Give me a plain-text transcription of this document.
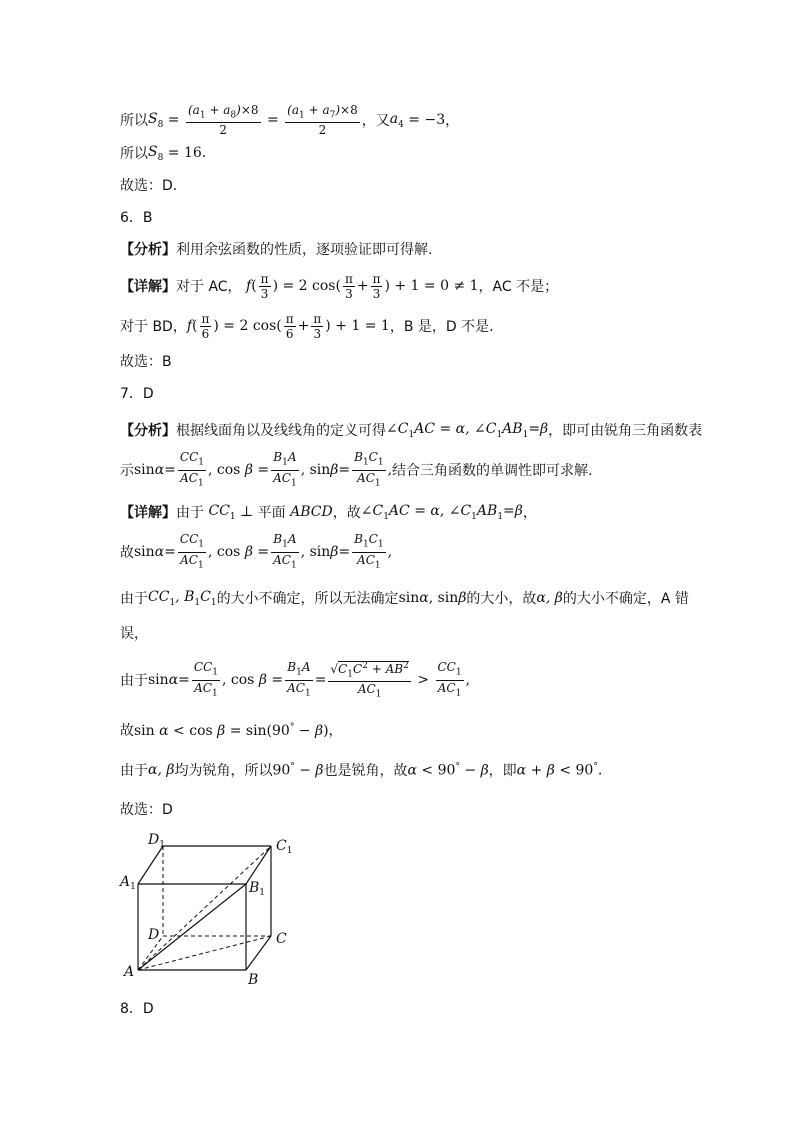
所以 $S_8 = \frac{(a_1 + a_8)\times 8}{2} = \frac{(a_1 + a_7)\times 8}{2}$ ，又 $a_4 = -3$ ，
所以 $S_8 = 16$.
故选：D.
6．B
【分析】 利用余弦函数的性质，逐项验证即可得解.
【详解】 对于 AC， f ( $\frac{\pi}{3}$ ) = 2 $\cos( \frac{\pi}{3} + \frac{\pi}{3}$ ) + 1 = 0 ≠ 1 ，AC 不是；
对于 BD， f ( $\frac{\pi}{6}$ ) = 2 $\cos( \frac{\pi}{6} + \frac{\pi}{3}$ ) + 1 = 1 ，B 是，D 不是.
故选：B
7．D
【分析】 根据线面角以及线线角的定义可得 $\angle C_1AC = \alpha$, $\angle C_1AB_1=\beta$ ，即可由锐角三角函数表
示 $\sin\alpha= \frac{CC_1}{AC_1}$ , $\cos \beta = \frac{B_1A}{AC_1}$ , $\sin\beta= \frac{B_1C_1}{AC_1}$ , 结合三角函数的单调性即可求解.
【详解】 由于 $CC_1$ ⊥ 平面 ABCD ，故 $\angle C_1AC = \alpha$, $\angle C_1AB_1=\beta$ ，
故 $\sin\alpha= \frac{CC_1}{AC_1}$ , $\cos \beta = \frac{B_1A}{AC_1}$ , $\sin\beta= \frac{B_1C_1}{AC_1}$ ,
由于 $CC_1$, $B_1C_1$ 的大小不确定，所以无法确定 sinα, sinβ 的大小，故 α, β 的大小不确定，A 错
误，
由于 $\sin\alpha= \frac{CC_1}{AC_1}$ , $\cos \beta = \frac{B_1A}{AC_1} = \frac{√C_1C^2 + AB^2}{AC_1} > \frac{CC_1}{AC_1}$ ,
故 sin α < cos β = sin(90° − β)，
由于 α, β 均为锐角，所以 90° − β 也是锐角，故 α < 90° − β ，即 α + β < 90°.
故选：D
$D_1$	$C_1$
$A_1$	$B_1$
D	C
A	B
8．D
